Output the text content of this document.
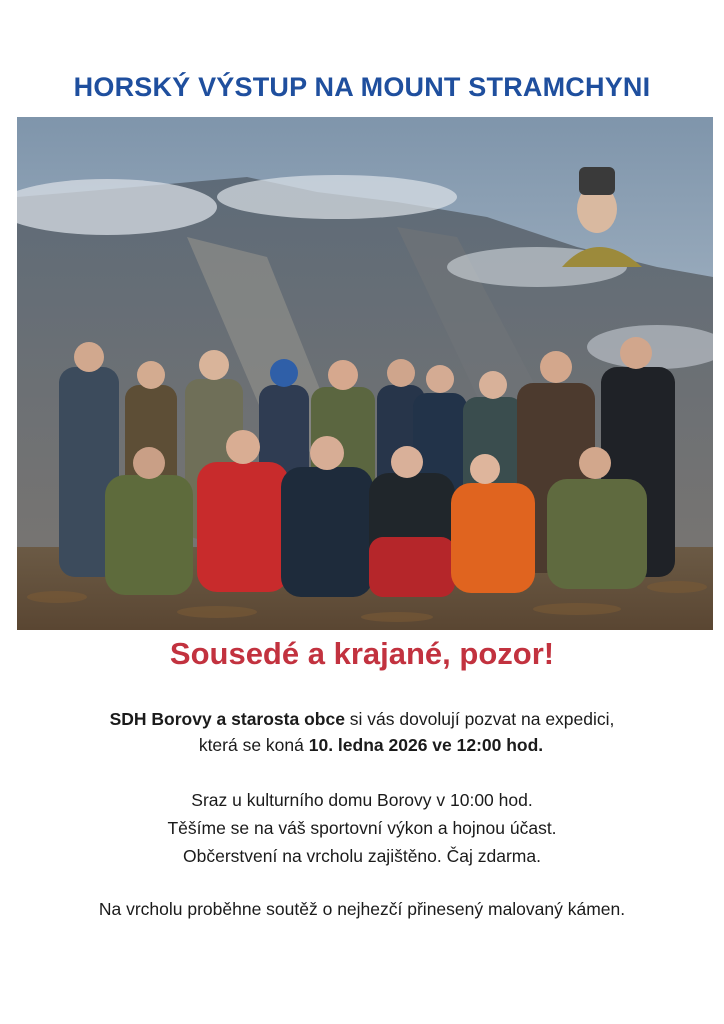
HORSKÝ VÝSTUP NA MOUNT STRAMCHYNI
Sousedé a krajané, pozor!
SDH Borovy a starosta obce si vás dovolují pozvat na expedici,
která se koná 10. ledna 2026 ve 12:00 hod.
Sraz u kulturního domu Borovy v 10:00 hod.
Těšíme se na váš sportovní výkon a hojnou účast.
Občerstvení na vrcholu zajištěno. Čaj zdarma.
Na vrcholu proběhne soutěž o nejhezčí přinesený malovaný kámen.
